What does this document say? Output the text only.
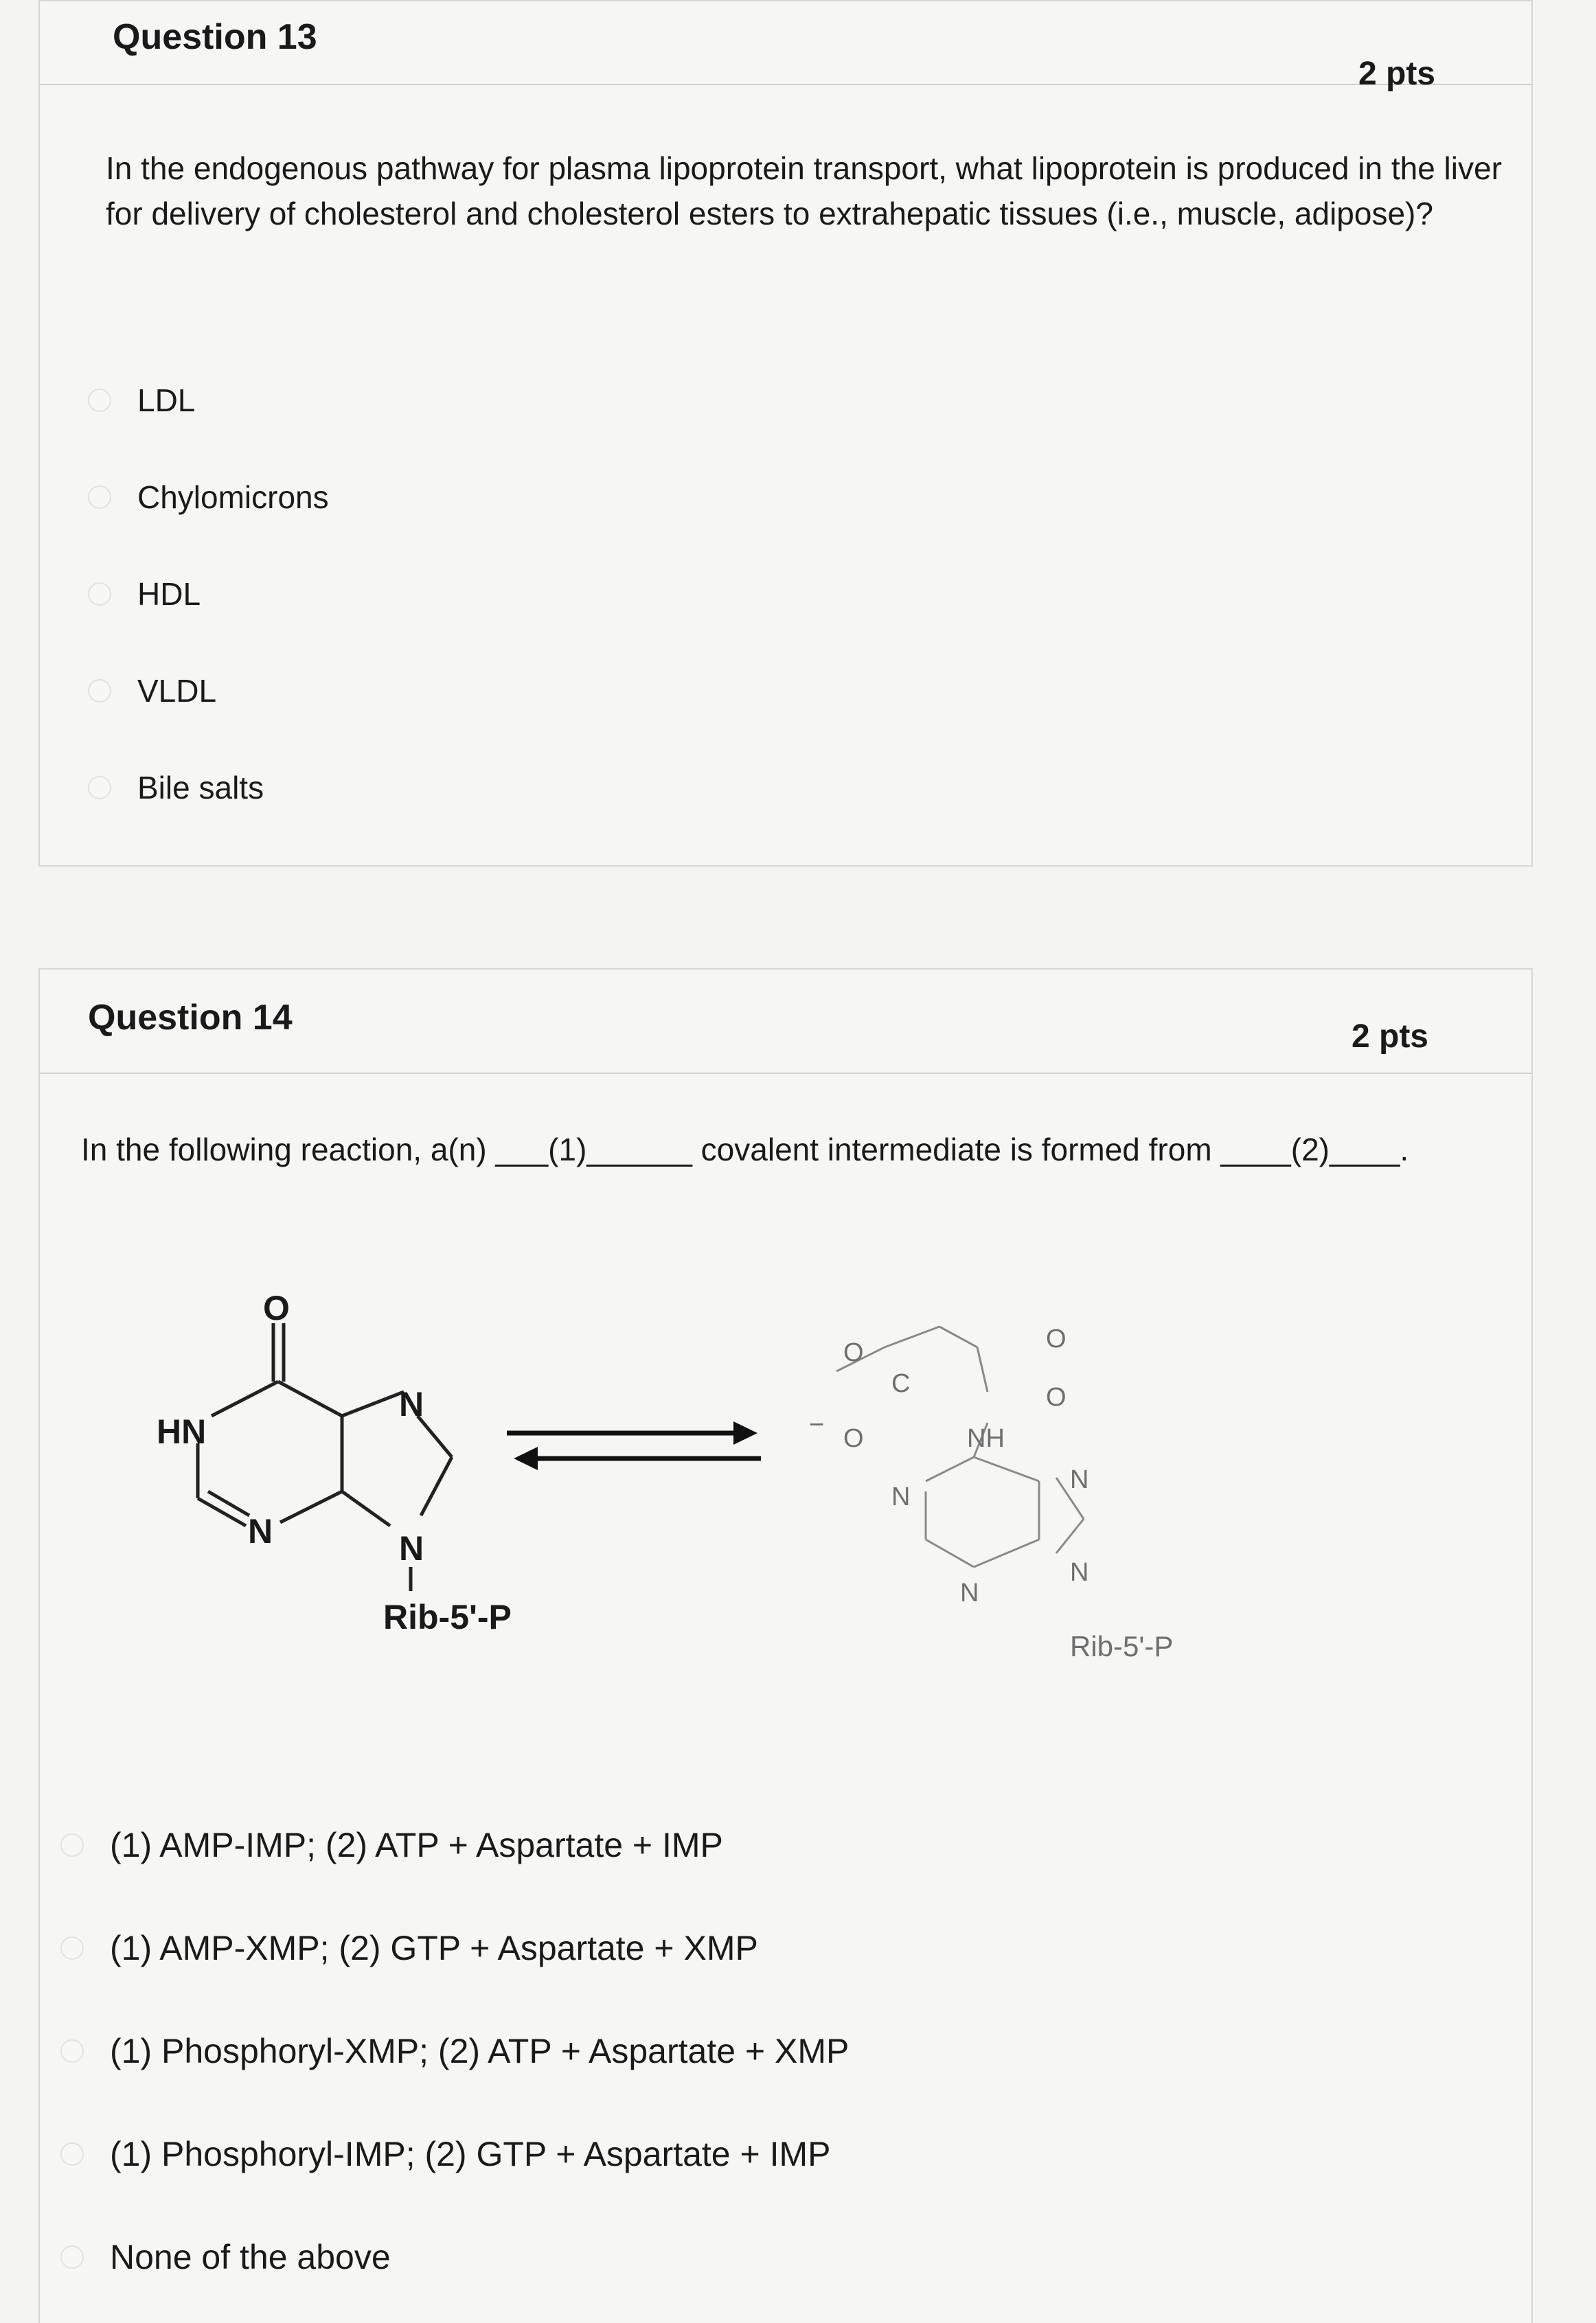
Question 13
2 pts
In the endogenous pathway for plasma lipoprotein transport, what lipoprotein is produced in the liver for delivery of cholesterol and cholesterol esters to extrahepatic tissues (i.e., muscle, adipose)?
LDL
Chylomicrons
HDL
VLDL
Bile salts
Question 14	2 pts
In the following reaction, a(n) ___(1)______ covalent intermediate is formed from ____(2)____.
O
HN
N
N	N
Rib-5'-P
O
O
C	O
O
−	NH
N
N
N
N
Rib-5'-P
(1) AMP-IMP; (2) ATP + Aspartate + IMP
(1) AMP-XMP; (2) GTP + Aspartate + XMP
(1) Phosphoryl-XMP; (2) ATP + Aspartate + XMP
(1) Phosphoryl-IMP; (2) GTP + Aspartate + IMP
None of the above
